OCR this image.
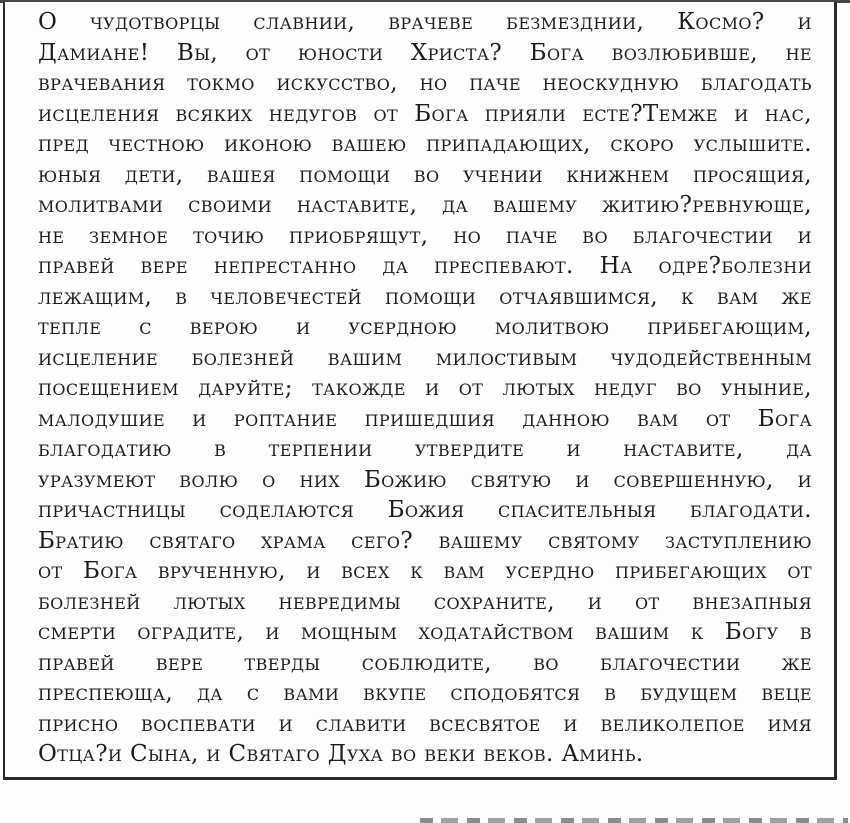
О чудотворцы славнии, врачеве безмезднии, Космо? и
Дамиане! Вы, от юности Христа? Бога возлюбивше, не
врачевания токмо искусство, но паче неоскудную благодать
исцеления всяких недугов от Бога прияли есте?Темже и нас,
пред честною иконою вашею припадающих, скоро услышите.
юныя дети, вашея помощи во учении книжнем просящия,
молитвами своими наставите, да вашему житию?ревнующе,
не земное точию приобрящут, но паче во благочестии и
правей вере непрестанно да преспевают. На одре?болезни
лежащим, в человечестей помощи отчаявшимся, к вам же
тепле с верою и усердною молитвою прибегающим,
исцеление болезней вашим милостивым чудодейственным
посещением даруйте; такожде и от лютых недуг во уныние,
малодушие и роптание пришедшия данною вам от Бога
благодатию в терпении утвердите и наставите, да
уразумеют волю о них Божию святую и совершенную, и
причастницы соделаются Божия спасительныя благодати.
Братию святаго храма сего? вашему святому заступлению
от Бога врученную, и всех к вам усердно прибегающих от
болезней лютых невредимы сохраните, и от внезапныя
смерти оградите, и мощным ходатайством вашим к Богу в
правей вере тверды соблюдите, во благочестии же
преспеюща, да с вами вкупе сподобятся в будущем веце
присно воспевати и славити всесвятое и великолепое имя
Отца?и Сына, и Святаго Духа во веки веков. Аминь.
